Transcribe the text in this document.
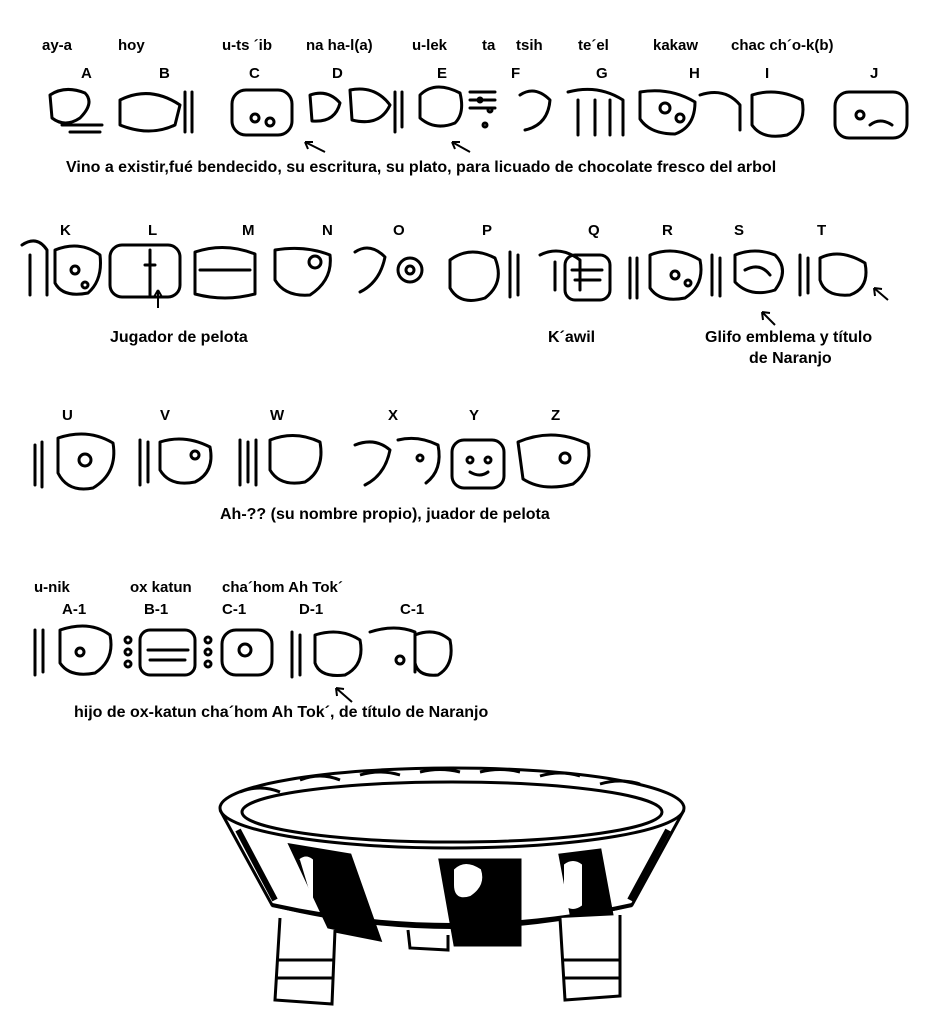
ay-a	hoy	u-ts ´ib na ha-l(a)	u-lek ta tsih te´el	kakaw chac ch´o-k(b)
A	B	C	D	E	F	G	H	I	J
Vino a existir,fué bendecido, su escritura, su plato, para licuado de chocolate fresco del arbol
K	L	M	N	O	P	Q	R	S	T
Jugador de pelota	K´awil	Glifo emblema y título
de Naranjo
U	V	W	X	Y	Z
Ah-?? (su nombre propio), juador de pelota
u-nik	ox katun cha´hom Ah Tok´
A-1	B-1	C-1	D-1	C-1
hijo de ox-katun cha´hom Ah Tok´, de título de Naranjo
